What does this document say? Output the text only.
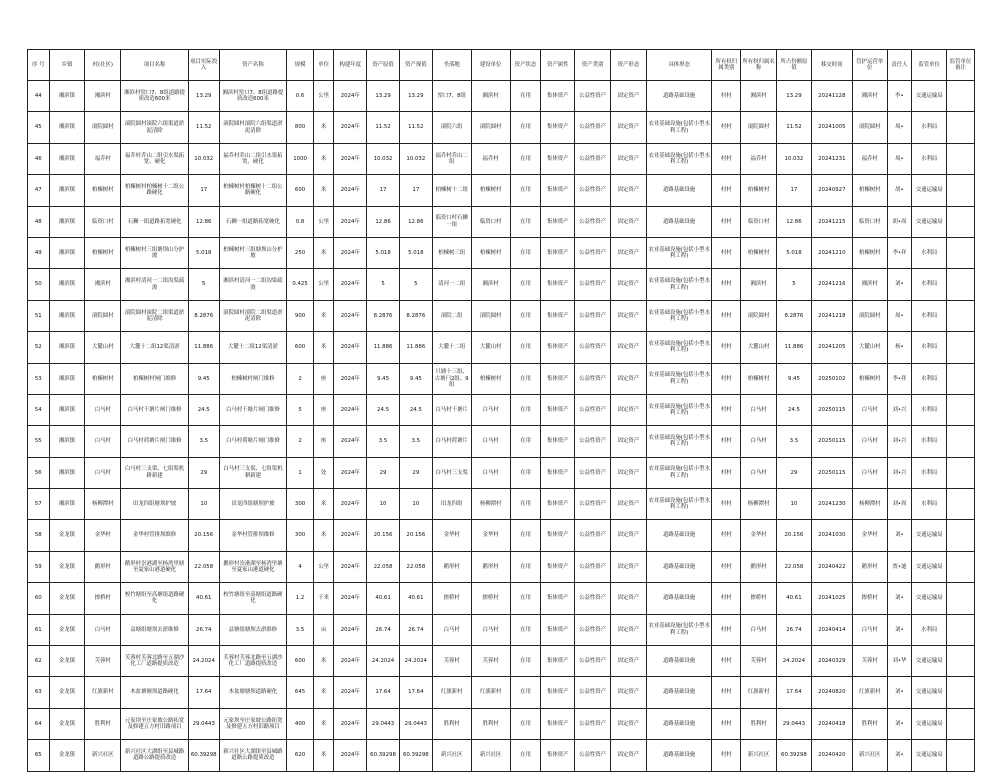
序 号	乡镇	村(社区)	项目名称	项目实际投入	资产名称	规模	单位	构建年度	资产原值	资产现值	坐落地	建设单位	资产状态	资产属性	资产类别	资产形态	具体形态	所有权归属类别	所有权归属名称	所占份额原值	移交时间	管护运营单位	责任人	监管单位	监管单位备注
44	湘滨镇	湘滨村	湘滨村窑口7、8组道路提质改造600米	13.29	湘滨村窑口7、8组道路提质改造600米	0.6	公里	2024年	13.29	13.29	窑口7、8组	湘滨村	在用	集体资产	公益性资产	固定资产	道路基础设施	村村	湘滨村	13.29	20241128	湘滨村	李•	交通运输局	
45	湘滨镇	滚院圆村	滚院圆村滚院六组渠道淤泥清除	11.52	滚院圆村滚院六组渠道淤泥清除	800	米	2024年	11.52	11.52	滚院六组	滚院圆村	在用	集体资产	公益性资产	固定资产	农业基础设施(包括小型水利工程)	村村	滚院圆村	11.52	20241005	滚院圆村	周•	水利局	
46	湘滨镇	福乔村	福乔村乔山二组引水渠拓宽、硬化	10.032	福乔村乔山二组引水渠拓宽、硬化	1000	米	2024年	10.032	10.032	福乔村乔山二组	福乔村	在用	集体资产	公益性资产	固定资产	农业基础设施(包括小型水利工程)	村村	福乔村	10.032	20241231	福乔村	周•	水利局	
47	湘滨镇	柏楝树村	柏楝树村柏楝树十二组公路硬化	17	柏楝树村柏楝树十二组公路硬化	600	米	2024年	17	17	柏楝树十二组	柏楝树村	在用	集体资产	公益性资产	固定资产	道路基础设施	村村	柏楝树村	17	20240927	柏楝树村	胡•	交通运输局	
48	湘滨镇	临资口村	石狮一组道路拓宽硬化	12.86	石狮一组道路拓宽硬化	0.8	公里	2024年	12.86	12.86	临资口村石狮一组	临资口村	在用	集体资产	公益性资产	固定资产	道路基础设施	村村	临资口村	12.86	20241215	临资口村	胡•周	交通运输局	
49	湘滨镇	柏楝树村	柏楝树村三组塘坝山分护坡	5.018	柏楝树村三组塘坝山分护坡	250	米	2024年	5.018	5.018	柏楝树三组	柏楝树村	在用	集体资产	公益性资产	固定资产	农业基础设施(包括小型水利工程)	村村	柏楝树村	5.018	20241210	柏楝树村	李•祥	水利局	
50	湘滨镇	湘滨村	湘滨村清河一二组沟渠疏浚	5	湘滨村清河一二组沟渠疏浚	0.425	公里	2024年	5	5	清河一二组	湘滨村	在用	集体资产	公益性资产	固定资产	农业基础设施(包括小型水利工程)	村村	湘滨村	5	20241216	湘滨村	刘•	水利局	
51	湘滨镇	滚院圆村	滚院圆村滚院二组渠道淤泥清除	8.2876	滚院圆村滚院二组渠道淤泥清除	900	米	2024年	8.2876	8.2876	滚院二组	滚院圆村	在用	集体资产	公益性资产	固定资产	农业基础设施(包括小型水利工程)	村村	滚院圆村	8.2876	20241218	滚院圆村	周•	水利局	
52	湘滨镇	大麓山村	大麓十二组12渠清淤	11.886	大麓十二组12渠清淤	600	米	2024年	11.886	11.886	大麓十二组	大麓山村	在用	集体资产	公益性资产	固定资产	农业基础设施(包括小型水利工程)	村村	大麓山村	11.886	20241205	大麓山村	杨•	水利局	
53	湘滨镇	柏楝树村	柏楝树村闸门维修	9.45	柏楝树村闸门维修	2	座	2024年	9.45	9.45	只塘十三组、古塘闩2组、9组	柏楝树村	在用	集体资产	公益性资产	固定资产	农业基础设施(包括小型水利工程)	村村	柏楝树村	9.45	20250102	柏楝树村	李•祥	水利局	
54	湘滨镇	白马村	白马村干塘片闸门维修	24.5	白马村干塘片闸门维修	5	座	2024年	24.5	24.5	白马村干塘片	白马村	在用	集体资产	公益性资产	固定资产	农业基础设施(包括小型水利工程)	村村	白马村	24.5	20250115	白马村	刘•兴	水利局	
55	湘滨镇	白马村	白马村荷塘片闸门维修	3.5	白马村荷塘片闸门维修	2	座	2024年	3.5	3.5	白马村荷塘片	白马村	在用	集体资产	公益性资产	固定资产	农业基础设施(包括小型水利工程)	村村	白马村	3.5	20250115	白马村	刘•兴	水利局	
56	湘滨镇	白马村	白马村三支渠、七组渠机耕新建	29	白马村三支渠、七组渠机耕新建	1	处	2024年	29	29	白马村三支渠	白马村	在用	集体资产	公益性资产	固定资产	农业基础设施(包括小型水利工程)	村村	白马村	29	20250115	白马村	刘•兴	水利局	
57	湘滨镇	杨柳潭村	田龙四组塘坝护坡	10	田龙四组塘坝护坡	300	米	2024年	10	10	田龙四组	杨柳潭村	在用	集体资产	公益性资产	固定资产	农业基础设施(包括小型水利工程)	村村	杨柳潭村	10	20241230	杨柳潭村	刘•周	水利局	
58	金龙镇	金华村	金华村管排坝维修	20.156	金华村管排坝维修	300	米	2024年	20.156	20.156	金华村	金华村	在用	集体资产	公益性资产	固定资产	道路基础设施	村村	金华村	20.156	20241030	金华村	刘•	交通运输局	
59	金龙镇	鹅形村	鹅形村崇港湖至杨湾里塘至夏家山港道硬化	22.058	鹅形村崇港湖至杨湾里塘至夏家山港道硬化	4	公里	2024年	22.058	22.058	鹅形村	鹅形村	在用	集体资产	公益性资产	固定资产	道路基础设施	村村	鹅形村	22.058	20240422	鹅形村	贾•迪	交通运输局	
60	金龙镇	擦桥村	校竹塘组至高塘组道路硬化	40.61	校竹塘组至高塘组道路硬化	1.2	千米	2024年	40.61	40.61	擦桥村	擦桥村	在用	集体资产	公益性资产	固定资产	道路基础设施	村村	擦桥村	40.61	20241025	擦桥村	刘•	交通运输局	
61	金龙镇	白马村	益塘组塘坝去淤维修	26.74	益塘组塘坝去淤维修	3.5	亩	2024年	26.74	26.74	白马村	白马村	在用	集体资产	公益性资产	固定资产	农业基础设施(包括小型水利工程)	村村	白马村	26.74	20240414	白马村	刘•	水利局	
62	金龙镇	芙蓉村	芙蓉村芙蓉北路至五湖沙化工厂道路提质改造	24.2024	芙蓉村芙蓉北路至五湖沙化工厂道路提质改造	600	米	2024年	24.2024	24.2024	芙蓉村	芙蓉村	在用	集体资产	公益性资产	固定资产	道路基础设施	村村	芙蓉村	24.2024	20240329	芙蓉村	刘•华	交通运输局	
63	金龙镇	红旗新村	木盆塘塘坝道路硬化	17.64	木盆塘塘坝道路硬化	645	米	2024年	17.64	17.64	红旗新村	红旗新村	在用	集体资产	公益性资产	固定资产	道路基础设施	村村	红旗新村	17.64	20240820	红旗新村	刘•	交通运输局	
64	金龙镇	胜利村	元家坝至庄家坡公路拓宽及修建五方村旧路项目	29.0443	元家坝至庄家坡公路拓宽及修建五方村旧路项目	400	米	2024年	29.0443	29.0443	胜利村	胜利村	在用	集体资产	公益性资产	固定资产	道路基础设施	村村	胜利村	29.0443	20240418	胜利村	刘•	交通运输局	
65	金龙镇	新兴社区	新兴社区大湖组至县城路道路公路提质改造	60.39298	新兴社区大湖组至县城路道路公路提质改造	620	米	2024年	60.39298	60.39298	新兴社区	新兴社区	在用	集体资产	公益性资产	固定资产	道路基础设施	村村	新兴社区	60.39298	20240420	新兴社区	刘•	交通运输局	
